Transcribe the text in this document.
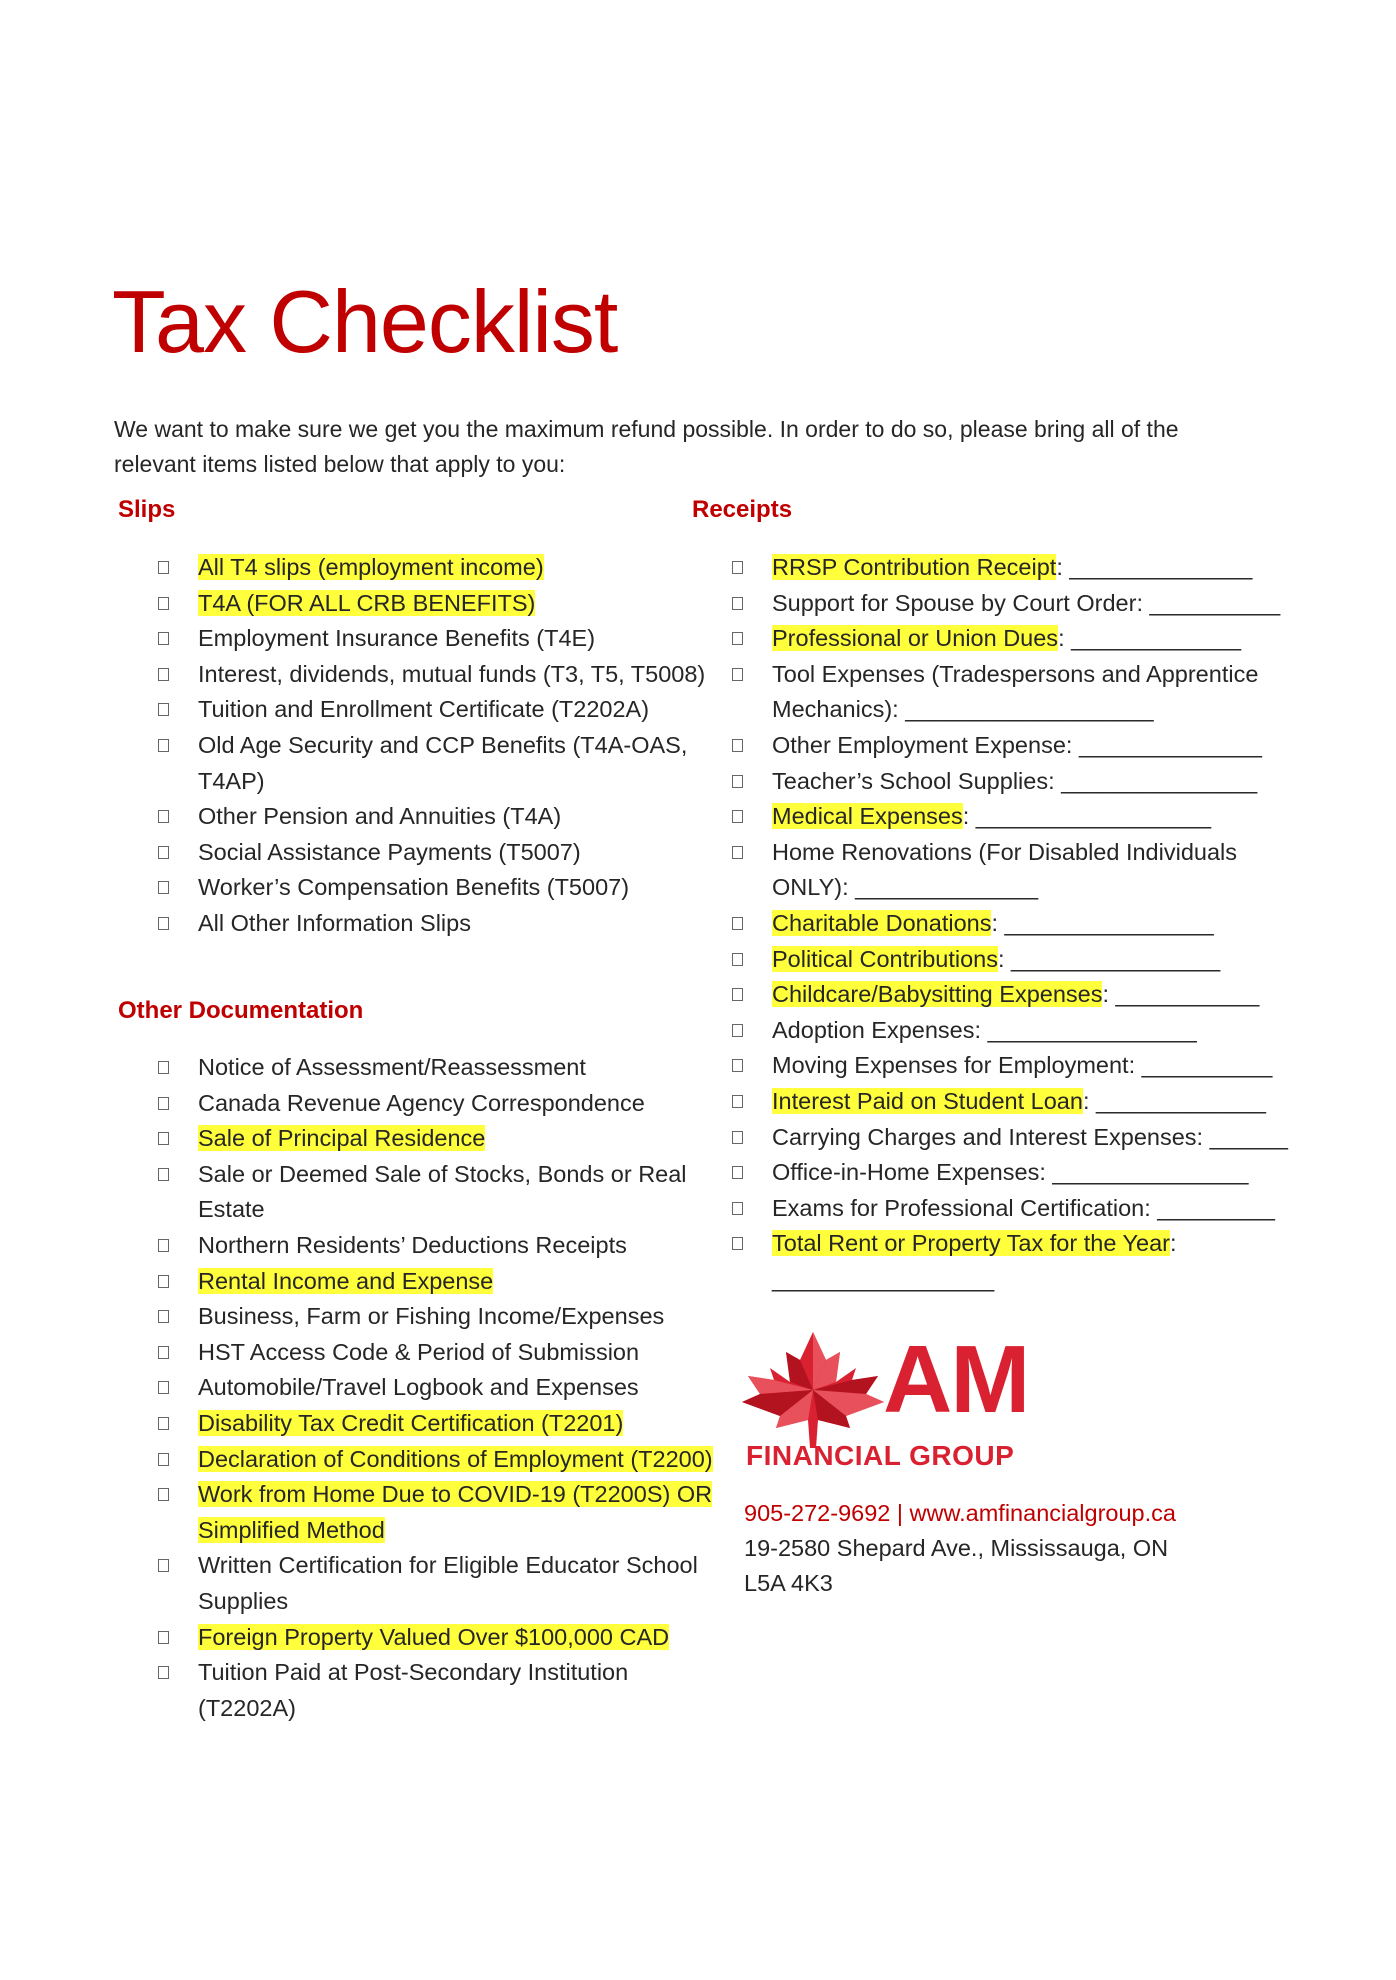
Tax Checklist

We want to make sure we get you the maximum refund possible. In order to do so, please bring all of the relevant items listed below that apply to you:

Slips	Receipts
Other Documentation
All T4 slips (employment income)
T4A (FOR ALL CRB BENEFITS)
Employment Insurance Benefits (T4E)
Interest, dividends, mutual funds (T3, T5, T5008)
Tuition and Enrollment Certificate (T2202A)
Old Age Security and CCP Benefits (T4A-OAS, T4AP)
Other Pension and Annuities (T4A)
Social Assistance Payments (T5007)
Worker’s Compensation Benefits (T5007)
All Other Information Slips
Notice of Assessment/Reassessment
Canada Revenue Agency Correspondence
Sale of Principal Residence
Sale or Deemed Sale of Stocks, Bonds or Real Estate
Northern Residents’ Deductions Receipts
Rental Income and Expense
Business, Farm or Fishing Income/Expenses
HST Access Code & Period of Submission
Automobile/Travel Logbook and Expenses
Disability Tax Credit Certification (T2201)
Declaration of Conditions of Employment (T2200)
Work from Home Due to COVID-19 (T2200S) OR Simplified Method
Written Certification for Eligible Educator School Supplies
Foreign Property Valued Over $100,000 CAD
Tuition Paid at Post-Secondary Institution (T2202A)
RRSP Contribution Receipt: ______________
Support for Spouse by Court Order: __________
Professional or Union Dues: _____________
Tool Expenses (Tradespersons and Apprentice Mechanics): ___________________
Other Employment Expense: ______________
Teacher’s School Supplies: _______________
Medical Expenses: __________________
Home Renovations (For Disabled Individuals ONLY): ______________
Charitable Donations: ________________
Political Contributions: ________________
Childcare/Babysitting Expenses: ___________
Adoption Expenses: ________________
Moving Expenses for Employment: __________
Interest Paid on Student Loan: _____________
Carrying Charges and Interest Expenses: ______
Office-in-Home Expenses: _______________
Exams for Professional Certification: _________
Total Rent or Property Tax for the Year: _________________
AM
FINANCIAL GROUP
905-272-9692 | www.amfinancialgroup.ca
19-2580 Shepard Ave., Mississauga, ON
L5A 4K3
